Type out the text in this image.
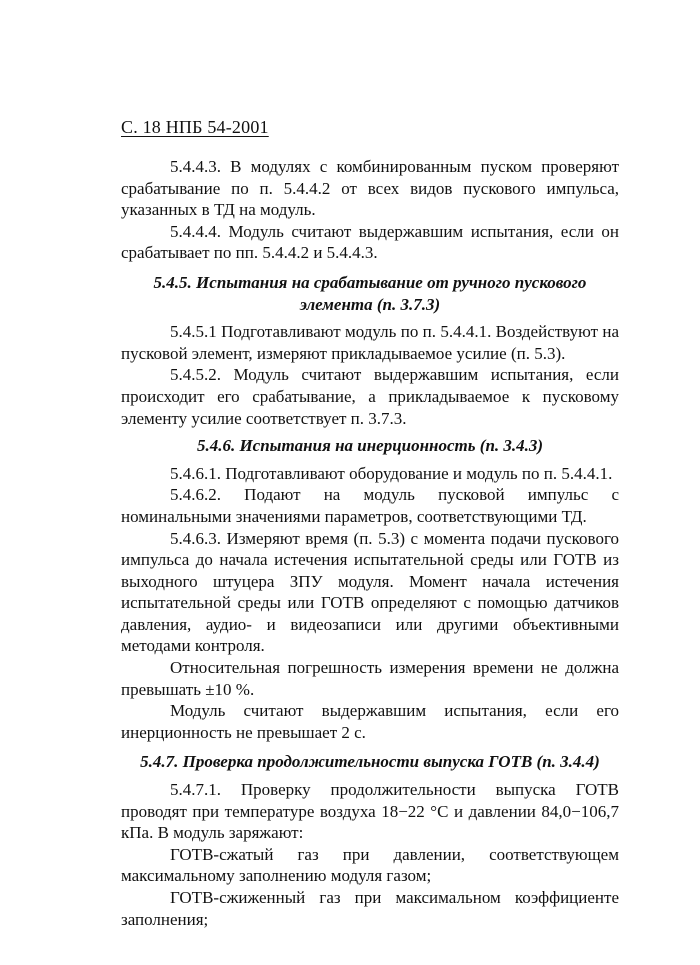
С. 18 НПБ 54-2001

5.4.4.3. В модулях с комбинированным пуском проверяют срабатывание по п. 5.4.4.2 от всех видов пускового импульса, указанных в ТД на модуль.

5.4.4.4. Модуль считают выдержавшим испытания, если он срабатывает по пп. 5.4.4.2 и 5.4.4.3.

5.4.5. Испытания на срабатывание от ручного пускового элемента (п. 3.7.3)

5.4.5.1 Подготавливают модуль по п. 5.4.4.1. Воздействуют на пусковой элемент, измеряют прикладываемое усилие (п. 5.3).

5.4.5.2. Модуль считают выдержавшим испытания, если происходит его срабатывание, а прикладываемое к пусковому элементу усилие соответствует п. 3.7.3.

5.4.6. Испытания на инерционность (п. 3.4.3)

5.4.6.1. Подготавливают оборудование и модуль по п. 5.4.4.1.

5.4.6.2. Подают на модуль пусковой импульс с номинальными значениями параметров, соответствующими ТД.

5.4.6.3. Измеряют время (п. 5.3) с момента подачи пускового импульса до начала истечения испытательной среды или ГОТВ из выходного штуцера ЗПУ модуля. Момент начала истечения испытательной среды или ГОТВ определяют с помощью датчиков давления, аудио- и видеозаписи или другими объективными методами контроля.

Относительная погрешность измерения времени не должна превышать ±10 %.

Модуль считают выдержавшим испытания, если его инерционность не превышает 2 с.

5.4.7. Проверка продолжительности выпуска ГОТВ (п. 3.4.4)

5.4.7.1. Проверку продолжительности выпуска ГОТВ проводят при температуре воздуха 18−22 °С и давлении 84,0−106,7 кПа. В модуль заряжают:

ГОТВ-сжатый газ при давлении, соответствующем максимальному заполнению модуля газом;

ГОТВ-сжиженный газ при максимальном коэффициенте заполнения;
